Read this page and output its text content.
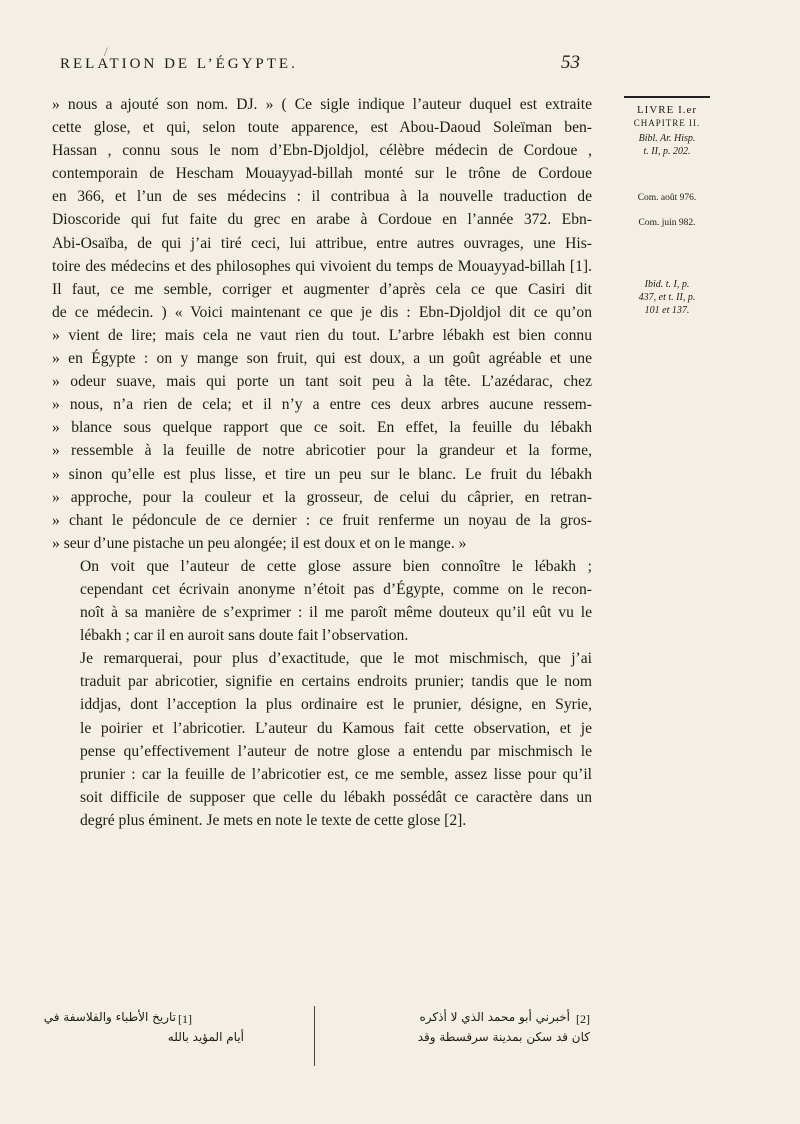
/
RELATION DE L’ÉGYPTE.	53

» nous a ajouté son nom. DJ. » ( Ce sigle indique l’auteur duquel est extraite
cette glose, et qui, selon toute apparence, est Abou-Daoud Soleïman ben-
Hassan , connu sous le nom d’Ebn-Djoldjol, célèbre médecin de Cordoue ,
contemporain de Hescham Mouayyad-billah monté sur le trône de Cordoue
en 366, et l’un de ses médecins : il contribua à la nouvelle traduction de
Dioscoride qui fut faite du grec en arabe à Cordoue en l’année 372. Ebn-
Abi-Osaïba, de qui j’ai tiré ceci, lui attribue, entre autres ouvrages, une His-
toire des médecins et des philosophes qui vivoient du temps de Mouayyad-billah [1].
Il faut, ce me semble, corriger et augmenter d’après cela ce que Casiri dit
de ce médecin. ) « Voici maintenant ce que je dis : Ebn-Djoldjol dit ce qu’on
» vient de lire; mais cela ne vaut rien du tout. L’arbre lébakh est bien connu
» en Égypte : on y mange son fruit, qui est doux, a un goût agréable et une
» odeur suave, mais qui porte un tant soit peu à la tête. L’azédarac, chez
» nous, n’a rien de cela; et il n’y a entre ces deux arbres aucune ressem-
» blance sous quelque rapport que ce soit. En effet, la feuille du lébakh
» ressemble à la feuille de notre abricotier pour la grandeur et la forme,
» sinon qu’elle est plus lisse, et tire un peu sur le blanc. Le fruit du lébakh
» approche, pour la couleur et la grosseur, de celui du câprier, en retran-
» chant le pédoncule de ce dernier : ce fruit renferme un noyau de la gros-
» seur d’une pistache un peu alongée; il est doux et on le mange. »

On voit que l’auteur de cette glose assure bien connoître le lébakh ;
cependant cet écrivain anonyme n’étoit pas d’Égypte, comme on le recon-
noît à sa manière de s’exprimer : il me paroît même douteux qu’il eût vu le
lébakh ; car il en auroit sans doute fait l’observation.

Je remarquerai, pour plus d’exactitude, que le mot mischmisch, que j’ai
traduit par abricotier, signifie en certains endroits prunier; tandis que le nom
iddjas, dont l’acception la plus ordinaire est le prunier, désigne, en Syrie,
le poirier et l’abricotier. L’auteur du Kamous fait cette observation, et je
pense qu’effectivement l’auteur de notre glose a entendu par mischmisch le
prunier : car la feuille de l’abricotier est, ce me semble, assez lisse pour qu’il
soit difficile de supposer que celle du lébakh possédât ce caractère dans un
degré plus éminent. Je mets en note le texte de cette glose [2].

LIVRE I.er
CHAPITRE II.
Bibl. Ar. Hisp.
t. II, p. 202.
Com. août 976.
Com. juin 982.
Ibid. t. I, p.
437, et t. II, p.
101 et 137.
تاريخ الأطباء والفلاسفة في [1]
أيام المؤيد بالله
أخبرني أبو محمد الذي لا أذكره [2]
كان قد سكن بمدينة سرقسطة وقد
